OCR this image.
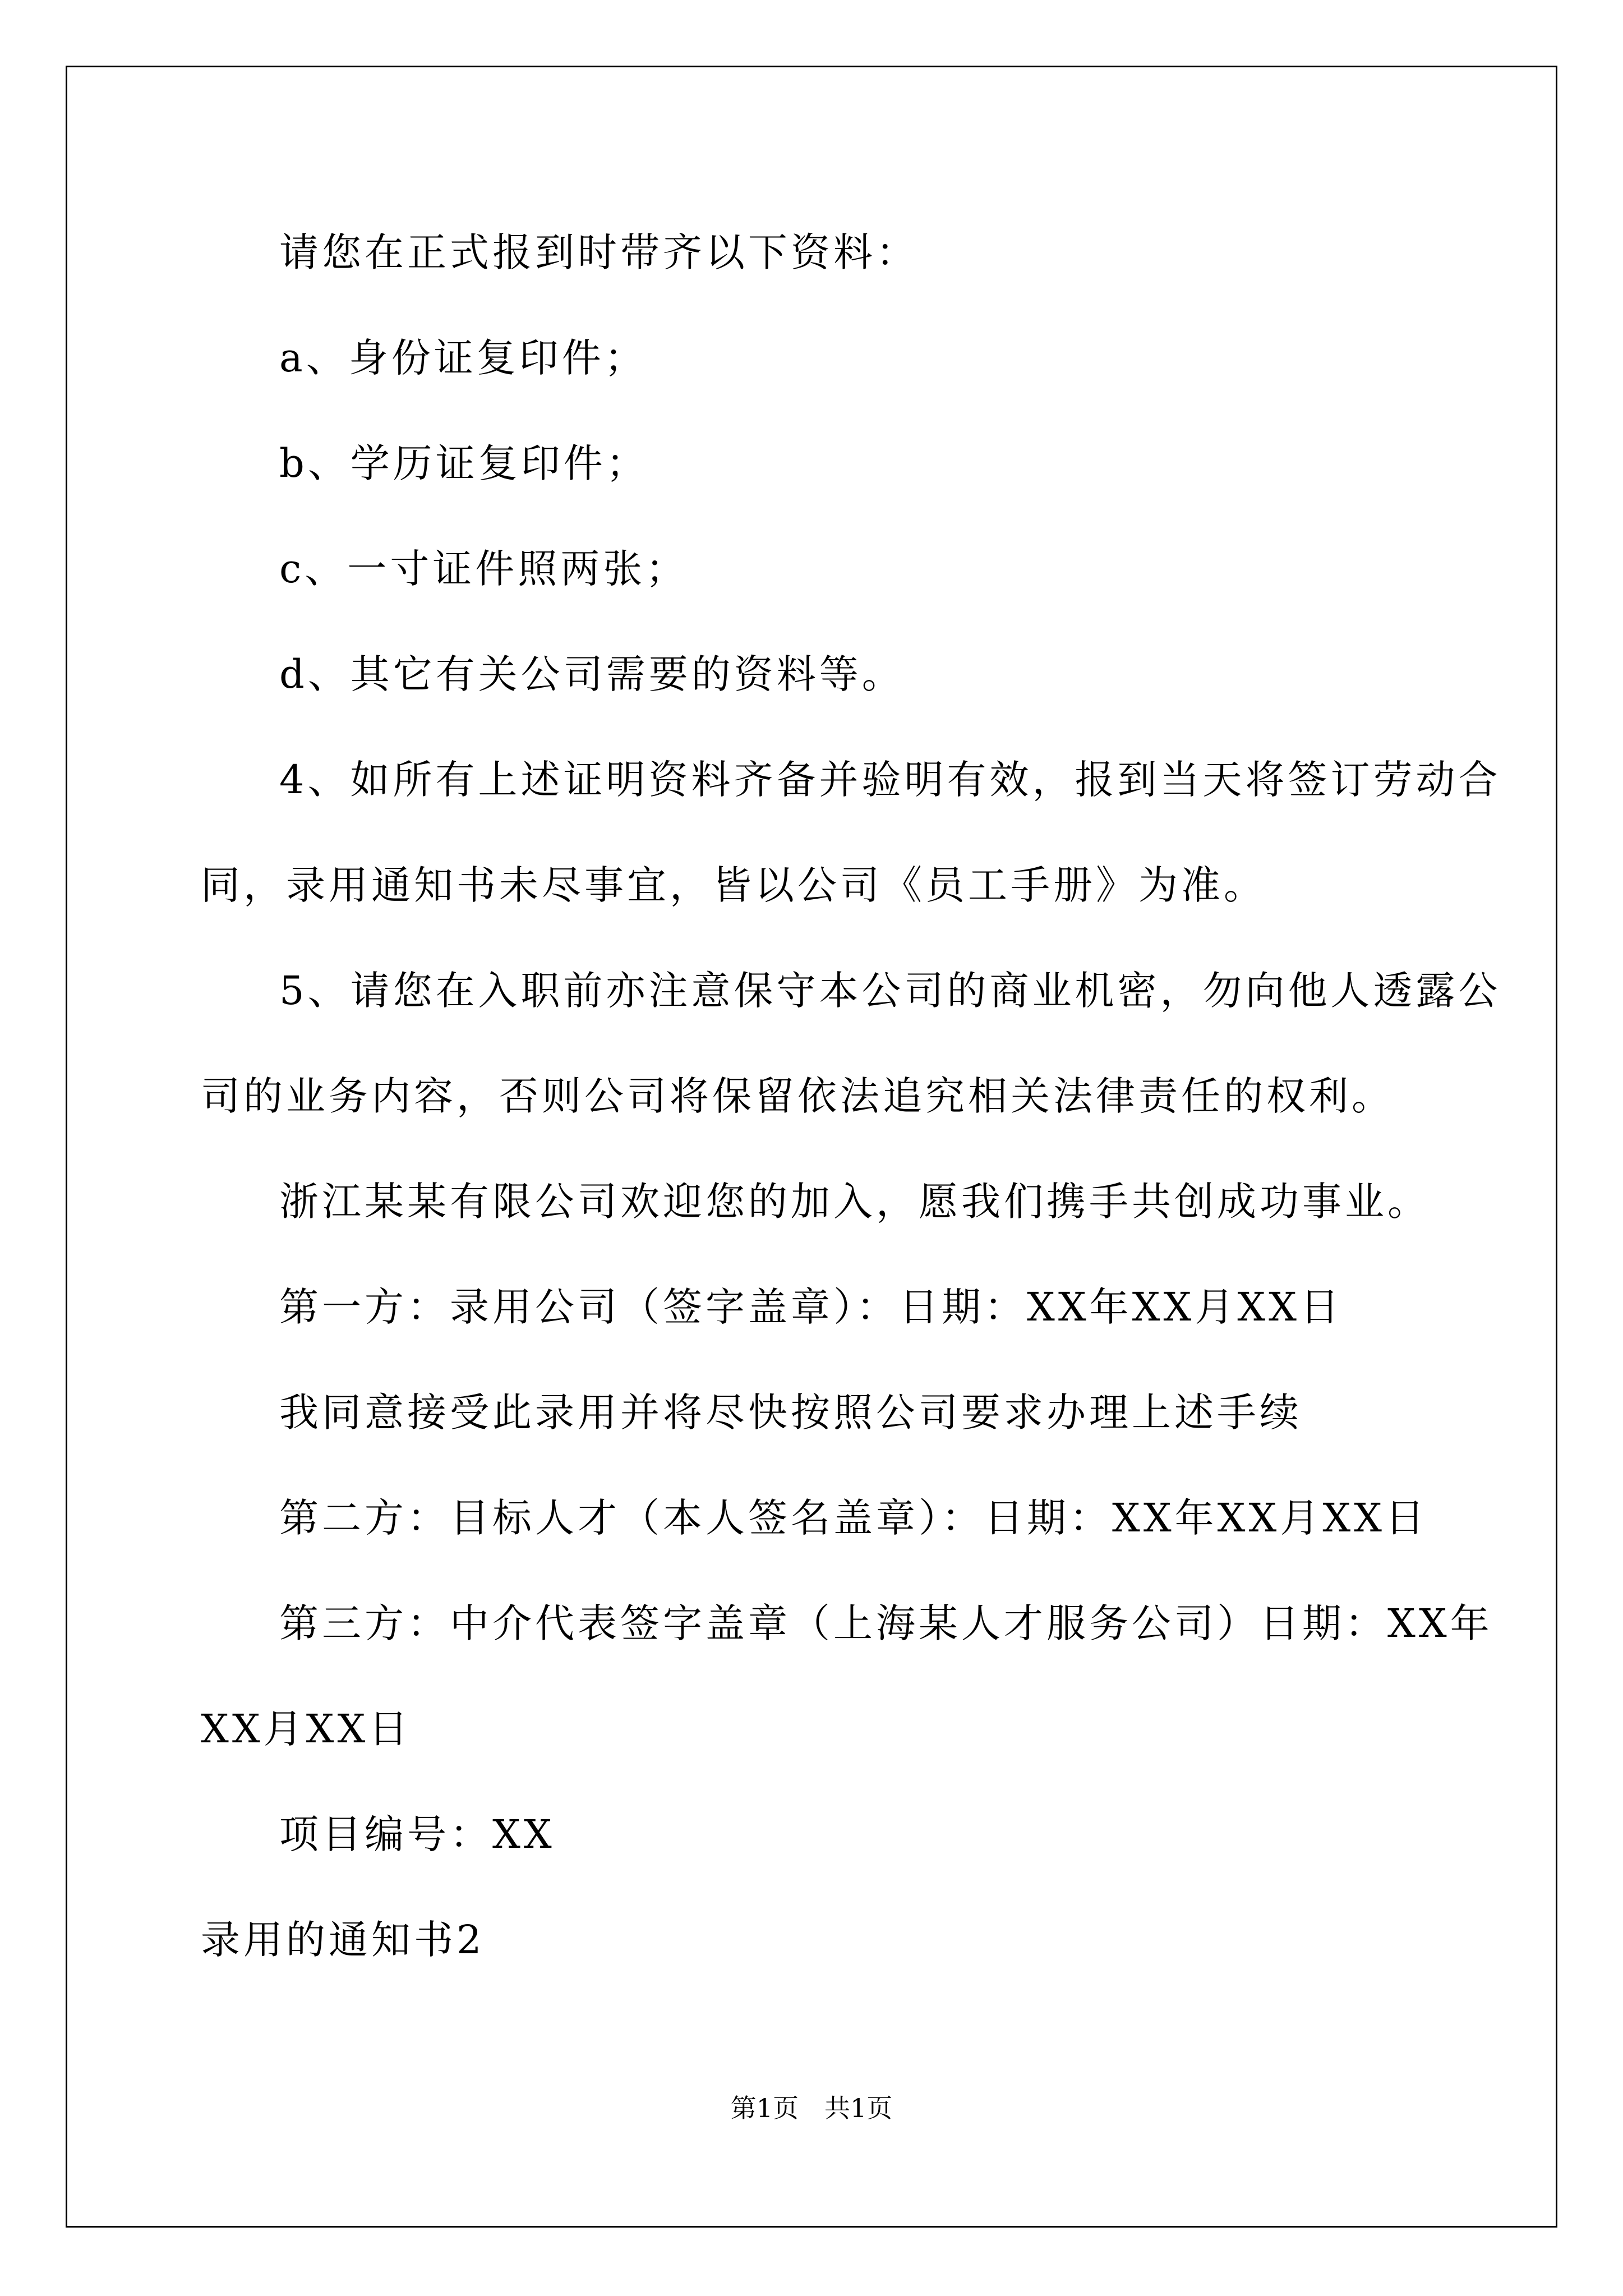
请您在正式报到时带齐以下资料：
a、身份证复印件；
b、学历证复印件；
c、一寸证件照两张；
d、其它有关公司需要的资料等。
4、如所有上述证明资料齐备并验明有效，报到当天将签订劳动合
同，录用通知书未尽事宜，皆以公司《员工手册》为准。
5、请您在入职前亦注意保守本公司的商业机密，勿向他人透露公
司的业务内容，否则公司将保留依法追究相关法律责任的权利。
浙江某某有限公司欢迎您的加入，愿我们携手共创成功事业。
第一方：录用公司（签字盖章）：日期：XX年XX月XX日
我同意接受此录用并将尽快按照公司要求办理上述手续
第二方：目标人才（本人签名盖章）：日期：XX年XX月XX日
第三方：中介代表签字盖章（上海某人才服务公司）日期：XX年
XX月XX日
项目编号：XX
录用的通知书2
第1页　共1页
